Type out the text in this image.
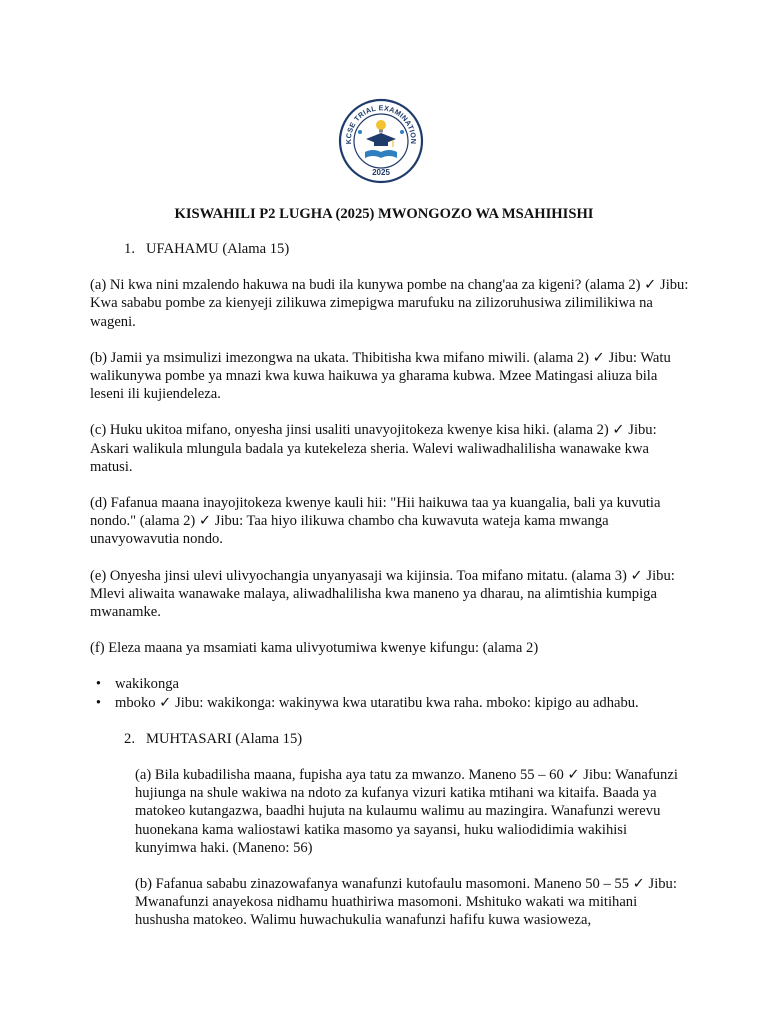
KCSE TRIAL EXAMINATION
2025
KISWAHILI P2 LUGHA (2025) MWONGOZO WA MSAHIHISHI
1. UFAHAMU (Alama 15)

(a) Ni kwa nini mzalendo hakuwa na budi ila kunywa pombe na chang'aa za kigeni? (alama 2) ✓ Jibu: Kwa sababu pombe za kienyeji zilikuwa zimepigwa marufuku na zilizoruhusiwa zilimilikiwa na wageni.

(b) Jamii ya msimulizi imezongwa na ukata. Thibitisha kwa mifano miwili. (alama 2) ✓ Jibu: Watu walikunywa pombe ya mnazi kwa kuwa haikuwa ya gharama kubwa. Mzee Matingasi aliuza bila leseni ili kujiendeleza.

(c) Huku ukitoa mifano, onyesha jinsi usaliti unavyojitokeza kwenye kisa hiki. (alama 2) ✓ Jibu: Askari walikula mlungula badala ya kutekeleza sheria. Walevi waliwadhalilisha wanawake kwa matusi.

(d) Fafanua maana inayojitokeza kwenye kauli hii: "Hii haikuwa taa ya kuangalia, bali ya kuvutia nondo." (alama 2) ✓ Jibu: Taa hiyo ilikuwa chambo cha kuwavuta wateja kama mwanga unavyowavutia nondo.

(e) Onyesha jinsi ulevi ulivyochangia unyanyasaji wa kijinsia. Toa mifano mitatu. (alama 3) ✓ Jibu: Mlevi aliwaita wanawake malaya, aliwadhalilisha kwa maneno ya dharau, na alimtishia kumpiga mwanamke.

(f) Eleza maana ya msamiati kama ulivyotumiwa kwenye kifungu: (alama 2)

• wakikonga
• mboko ✓ Jibu: wakikonga: wakinywa kwa utaratibu kwa raha. mboko: kipigo au adhabu.
2. MUHTASARI (Alama 15)

(a) Bila kubadilisha maana, fupisha aya tatu za mwanzo. Maneno 55 – 60 ✓ Jibu: Wanafunzi hujiunga na shule wakiwa na ndoto za kufanya vizuri katika mtihani wa kitaifa. Baada ya matokeo kutangazwa, baadhi hujuta na kulaumu walimu au mazingira. Wanafunzi werevu huonekana kama waliostawi katika masomo ya sayansi, huku waliodidimia wakihisi kunyimwa haki. (Maneno: 56)

(b) Fafanua sababu zinazowafanya wanafunzi kutofaulu masomoni. Maneno 50 – 55 ✓ Jibu: Mwanafunzi anayekosa nidhamu huathiriwa masomoni. Mshituko wakati wa mitihani hushusha matokeo. Walimu huwachukulia wanafunzi hafifu kuwa wasioweza,
